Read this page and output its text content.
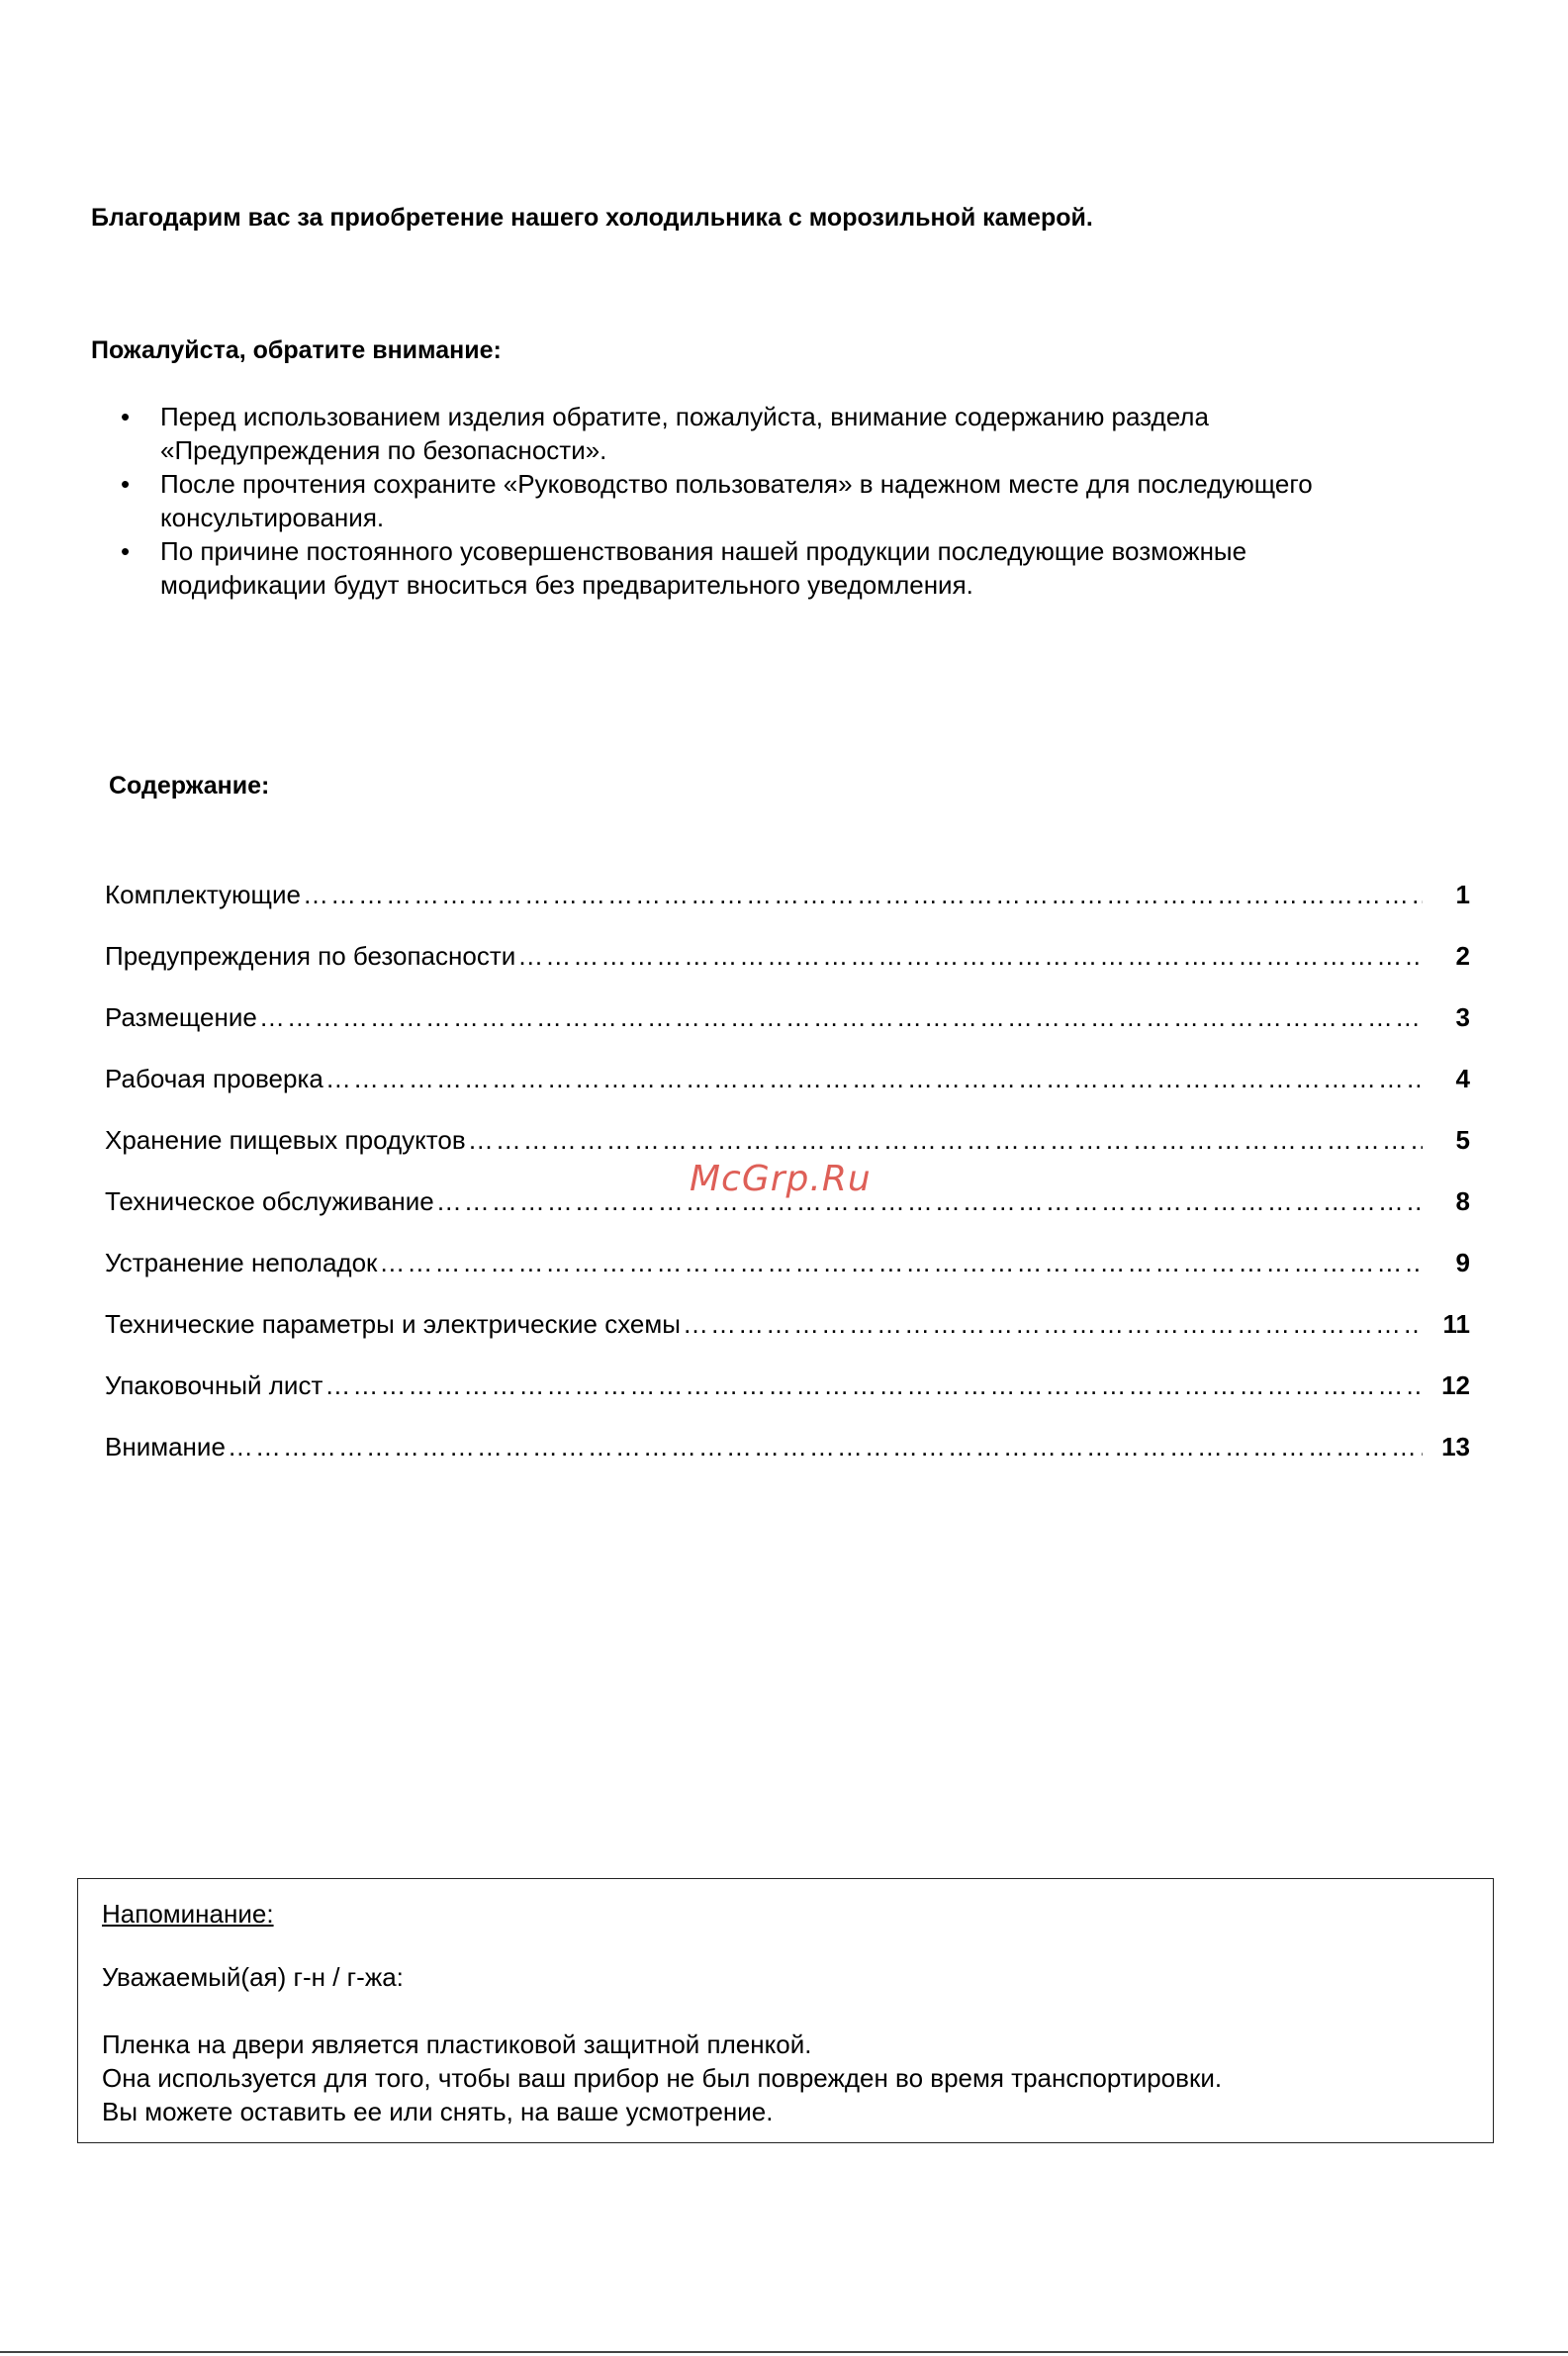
Благодарим вас за приобретение нашего холодильника с морозильной камерой.
Пожалуйста, обратите внимание:
• Перед использованием изделия обратите, пожалуйста, внимание содержанию раздела
«Предупреждения по безопасности».
• После прочтения сохраните «Руководство пользователя» в надежном месте для последующего
консультирования.
• По причине постоянного усовершенствования нашей продукции последующие возможные
модификации будут вноситься без предварительного уведомления.
Содержание:
Комплектующие …………………………………………………………………………………………………………………………………………………………………………………………………………………………………………………………………	1
Предупреждения по безопасности …………………………………………………………………………………………………………………………………………………………………………………………………………………………………………………………………	2
Размещение …………………………………………………………………………………………………………………………………………………………………………………………………………………………………………………………………	3
Рабочая проверка …………………………………………………………………………………………………………………………………………………………………………………………………………………………………………………………………	4
Хранение пищевых продуктов …………………………………………………………………………………………………………………………………………………………………………………………………………………………………………………………………	5
Техническое обслуживание …………………………………………………………………………………………………………………………………………………………………………………………………………………………………………………………………	8
Устранение неполадок …………………………………………………………………………………………………………………………………………………………………………………………………………………………………………………………………	9
Технические параметры и электрические схемы …………………………………………………………………………………………………………………………………………………………………………………………………………………………………………………………………	11
Упаковочный лист …………………………………………………………………………………………………………………………………………………………………………………………………………………………………………………………………	12
Внимание …………………………………………………………………………………………………………………………………………………………………………………………………………………………………………………………………	13
McGrp.Ru
Напоминание:
Уважаемый(ая) г-н / г-жа:
Пленка на двери является пластиковой защитной пленкой.
Она используется для того, чтобы ваш прибор не был поврежден во время транспортировки.
Вы можете оставить ее или снять, на ваше усмотрение.
